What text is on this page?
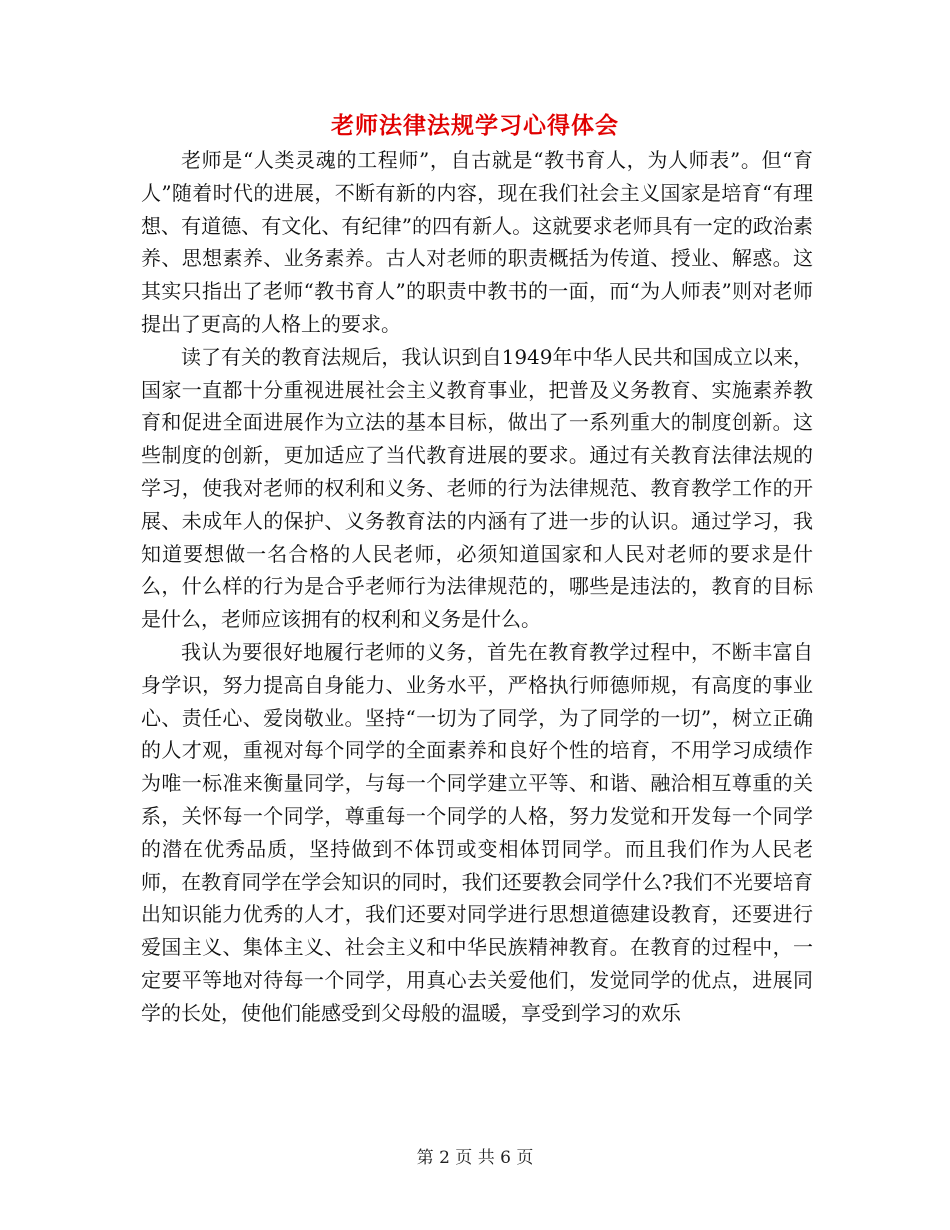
老师法律法规学习心得体会

老师是“人类灵魂的工程师”，自古就是“教书育人，为人师表”。但“育人”随着时代的进展，不断有新的内容，现在我们社会主义国家是培育“有理想、有道德、有文化、有纪律”的四有新人。这就要求老师具有一定的政治素养、思想素养、业务素养。古人对老师的职责概括为传道、授业、解惑。这其实只指出了老师“教书育人”的职责中教书的一面，而“为人师表”则对老师提出了更高的人格上的要求。

读了有关的教育法规后，我认识到自1949年中华人民共和国成立以来，国家一直都十分重视进展社会主义教育事业，把普及义务教育、实施素养教育和促进全面进展作为立法的基本目标，做出了一系列重大的制度创新。这些制度的创新，更加适应了当代教育进展的要求。通过有关教育法律法规的学习，使我对老师的权利和义务、老师的行为法律规范、教育教学工作的开展、未成年人的保护、义务教育法的内涵有了进一步的认识。通过学习，我知道要想做一名合格的人民老师，必须知道国家和人民对老师的要求是什么，什么样的行为是合乎老师行为法律规范的，哪些是违法的，教育的目标是什么，老师应该拥有的权利和义务是什么。

我认为要很好地履行老师的义务，首先在教育教学过程中，不断丰富自身学识，努力提高自身能力、业务水平，严格执行师德师规，有高度的事业心、责任心、爱岗敬业。坚持“一切为了同学，为了同学的一切”，树立正确的人才观，重视对每个同学的全面素养和良好个性的培育，不用学习成绩作为唯一标准来衡量同学，与每一个同学建立平等、和谐、融洽相互尊重的关系，关怀每一个同学，尊重每一个同学的人格，努力发觉和开发每一个同学的潜在优秀品质，坚持做到不体罚或变相体罚同学。而且我们作为人民老师，在教育同学在学会知识的同时，我们还要教会同学什么?我们不光要培育出知识能力优秀的人才，我们还要对同学进行思想道德建设教育，还要进行爱国主义、集体主义、社会主义和中华民族精神教育。在教育的过程中，一定要平等地对待每一个同学，用真心去关爱他们，发觉同学的优点，进展同学的长处，使他们能感受到父母般的温暖，享受到学习的欢乐

第 2 页 共 6 页
